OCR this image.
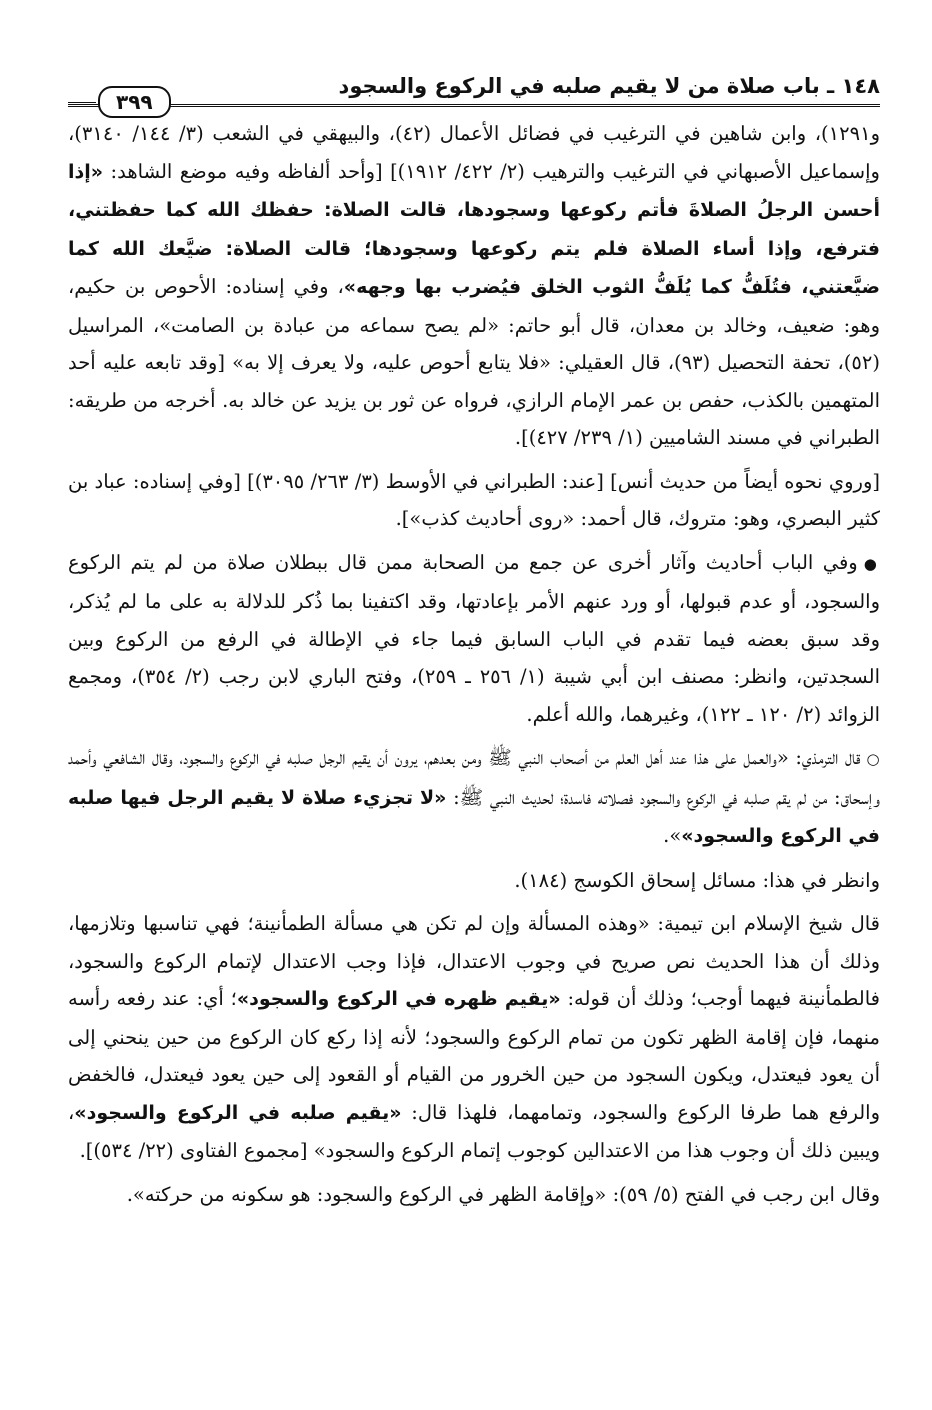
١٤٨ ـ باب صلاة من لا يقيم صلبه في الركوع والسجود
٣٩٩

و١٢٩١)، وابن شاهين في الترغيب في فضائل الأعمال (٤٢)، والبيهقي في الشعب (٣/ ١٤٤/ ٣١٤٠)، وإسماعيل الأصبهاني في الترغيب والترهيب (٢/ ٤٢٢/ ١٩١٢)] [وأحد ألفاظه وفيه موضع الشاهد: «إذا أحسن الرجلُ الصلاةَ فأتم ركوعها وسجودها، قالت الصلاة: حفظك الله كما حفظتني، فترفع، وإذا أساء الصلاة فلم يتم ركوعها وسجودها؛ قالت الصلاة: ضيَّعك الله كما ضيَّعتني، فتُلَفُّ كما يُلَفُّ الثوب الخلق فيُضرب بها وجهه»، وفي إسناده: الأحوص بن حكيم، وهو: ضعيف، وخالد بن معدان، قال أبو حاتم: «لم يصح سماعه من عبادة بن الصامت»، المراسيل (٥٢)، تحفة التحصيل (٩٣)، قال العقيلي: «فلا يتابع أحوص عليه، ولا يعرف إلا به» [وقد تابعه عليه أحد المتهمين بالكذب، حفص بن عمر الإمام الرازي، فرواه عن ثور بن يزيد عن خالد به. أخرجه من طريقه: الطبراني في مسند الشاميين (١/ ٢٣٩/ ٤٢٧)].

[وروي نحوه أيضاً من حديث أنس] [عند: الطبراني في الأوسط (٣/ ٢٦٣/ ٣٠٩٥)] [وفي إسناده: عباد بن كثير البصري، وهو: متروك، قال أحمد: «روى أحاديث كذب»].

●وفي الباب أحاديث وآثار أخرى عن جمع من الصحابة ممن قال ببطلان صلاة من لم يتم الركوع والسجود، أو عدم قبولها، أو ورد عنهم الأمر بإعادتها، وقد اكتفينا بما ذُكر للدلالة به على ما لم يُذكر، وقد سبق بعضه فيما تقدم في الباب السابق فيما جاء في الإطالة في الرفع من الركوع وبين السجدتين، وانظر: مصنف ابن أبي شيبة (١/ ٢٥٦ ـ ٢٥٩)، وفتح الباري لابن رجب (٢/ ٣٥٤)، ومجمع الزوائد (٢/ ١٢٠ ـ ١٢٢)، وغيرهما، والله أعلم.

○قال الترمذي: «والعمل على هذا عند أهل العلم من أصحاب النبي ﷺ ومن بعدهم، يرون أن يقيم الرجل صلبه في الركوع والسجود، وقال الشافعي وأحمد وإسحاق: من لم يقم صلبه في الركوع والسجود فصلاته فاسدة؛ لحديث النبي ﷺ: «لا تجزيء صلاة لا يقيم الرجل فيها صلبه في الركوع والسجود»».

وانظر في هذا: مسائل إسحاق الكوسج (١٨٤).

قال شيخ الإسلام ابن تيمية: «وهذه المسألة وإن لم تكن هي مسألة الطمأنينة؛ فهي تناسبها وتلازمها، وذلك أن هذا الحديث نص صريح في وجوب الاعتدال، فإذا وجب الاعتدال لإتمام الركوع والسجود، فالطمأنينة فيهما أوجب؛ وذلك أن قوله: «يقيم ظهره في الركوع والسجود»؛ أي: عند رفعه رأسه منهما، فإن إقامة الظهر تكون من تمام الركوع والسجود؛ لأنه إذا ركع كان الركوع من حين ينحني إلى أن يعود فيعتدل، ويكون السجود من حين الخرور من القيام أو القعود إلى حين يعود فيعتدل، فالخفض والرفع هما طرفا الركوع والسجود، وتمامهما، فلهذا قال: «يقيم صلبه في الركوع والسجود»، ويبين ذلك أن وجوب هذا من الاعتدالين كوجوب إتمام الركوع والسجود» [مجموع الفتاوى (٢٢/ ٥٣٤)].

وقال ابن رجب في الفتح (٥/ ٥٩): «وإقامة الظهر في الركوع والسجود: هو سكونه من حركته».
